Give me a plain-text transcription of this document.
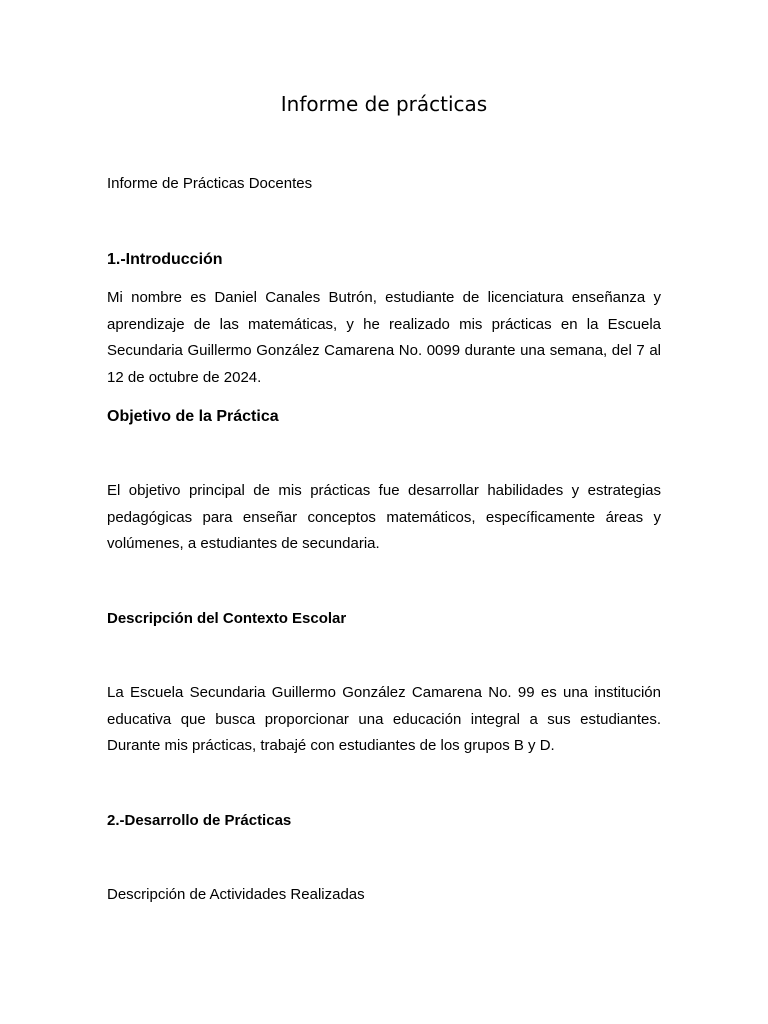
Informe de prácticas

Informe de Prácticas Docentes

1.-Introducción

Mi nombre es Daniel Canales Butrón, estudiante de licenciatura enseñanza y aprendizaje de las matemáticas, y he realizado mis prácticas en la Escuela Secundaria Guillermo González Camarena No. 0099 durante una semana, del 7 al 12 de octubre de 2024.

Objetivo de la Práctica

El objetivo principal de mis prácticas fue desarrollar habilidades y estrategias pedagógicas para enseñar conceptos matemáticos, específicamente áreas y volúmenes, a estudiantes de secundaria.

Descripción del Contexto Escolar

La Escuela Secundaria Guillermo González Camarena No. 99 es una institución educativa que busca proporcionar una educación integral a sus estudiantes. Durante mis prácticas, trabajé con estudiantes de los grupos B y D.

2.-Desarrollo de Prácticas

Descripción de Actividades Realizadas
